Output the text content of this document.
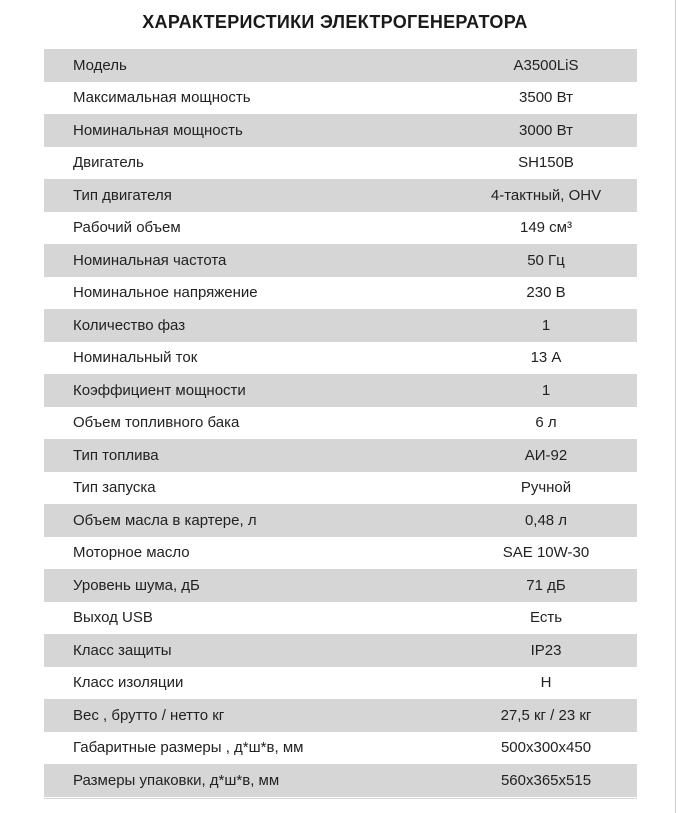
ХАРАКТЕРИСТИКИ ЭЛЕКТРОГЕНЕРАТОРА
Модель	A3500LiS
Максимальная мощность	3500 Вт
Номинальная мощность	3000 Вт
Двигатель	SH150B
Тип двигателя	4-тактный, OHV
Рабочий объем	149 см³
Номинальная частота	50 Гц
Номинальное напряжение	230 В
Количество фаз	1
Номинальный ток	13 А
Коэффициент мощности	1
Объем топливного бака	6 л
Тип топлива	АИ-92
Тип запуска	Ручной
Объем масла в картере, л	0,48 л
Моторное масло	SAE 10W-30
Уровень шума, дБ	71 дБ
Выход USB	Есть
Класс защиты	IP23
Класс изоляции	H
Вес , брутто / нетто кг	27,5 кг / 23 кг
Габаритные размеры , д*ш*в, мм	500x300x450
Размеры упаковки, д*ш*в, мм	560x365x515
